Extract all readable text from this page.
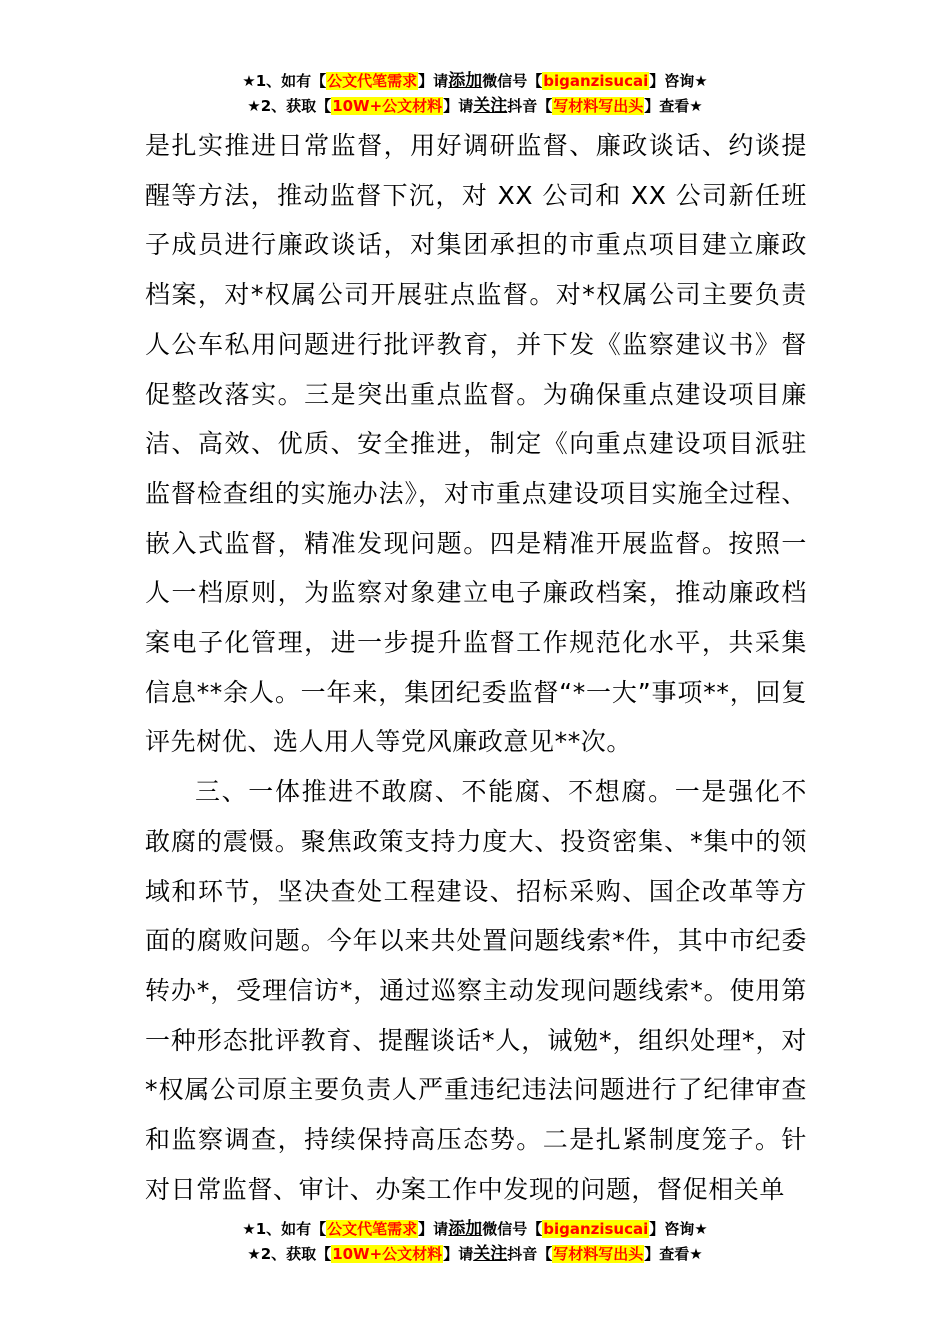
★1、如有【公文代笔需求】请添加微信号【biganzisucai】咨询★
★2、获取【10W+公文材料】请关注抖音【写材料写出头】查看★

是扎实推进日常监督，用好调研监督、廉政谈话、约谈提醒等方法，推动监督下沉，对 XX 公司和 XX 公司新任班子成员进行廉政谈话，对集团承担的市重点项目建立廉政档案，对*权属公司开展驻点监督。对*权属公司主要负责人公车私用问题进行批评教育，并下发《监察建议书》督促整改落实。三是突出重点监督。为确保重点建设项目廉洁、高效、优质、安全推进，制定《向重点建设项目派驻监督检查组的实施办法》，对市重点建设项目实施全过程、嵌入式监督，精准发现问题。四是精准开展监督。按照一人一档原则，为监察对象建立电子廉政档案，推动廉政档案电子化管理，进一步提升监督工作规范化水平，共采集信息**余人。一年来，集团纪委监督“*一大”事项**，回复评先树优、选人用人等党风廉政意见**次。

三、一体推进不敢腐、不能腐、不想腐。一是强化不敢腐的震慑。聚焦政策支持力度大、投资密集、*集中的领域和环节，坚决查处工程建设、招标采购、国企改革等方面的腐败问题。今年以来共处置问题线索*件，其中市纪委转办*，受理信访*，通过巡察主动发现问题线索*。使用第一种形态批评教育、提醒谈话*人，诫勉*，组织处理*，对*权属公司原主要负责人严重违纪违法问题进行了纪律审查和监察调查，持续保持高压态势。二是扎紧制度笼子。针对日常监督、审计、办案工作中发现的问题，督促相关单

★1、如有【公文代笔需求】请添加微信号【biganzisucai】咨询★
★2、获取【10W+公文材料】请关注抖音【写材料写出头】查看★
